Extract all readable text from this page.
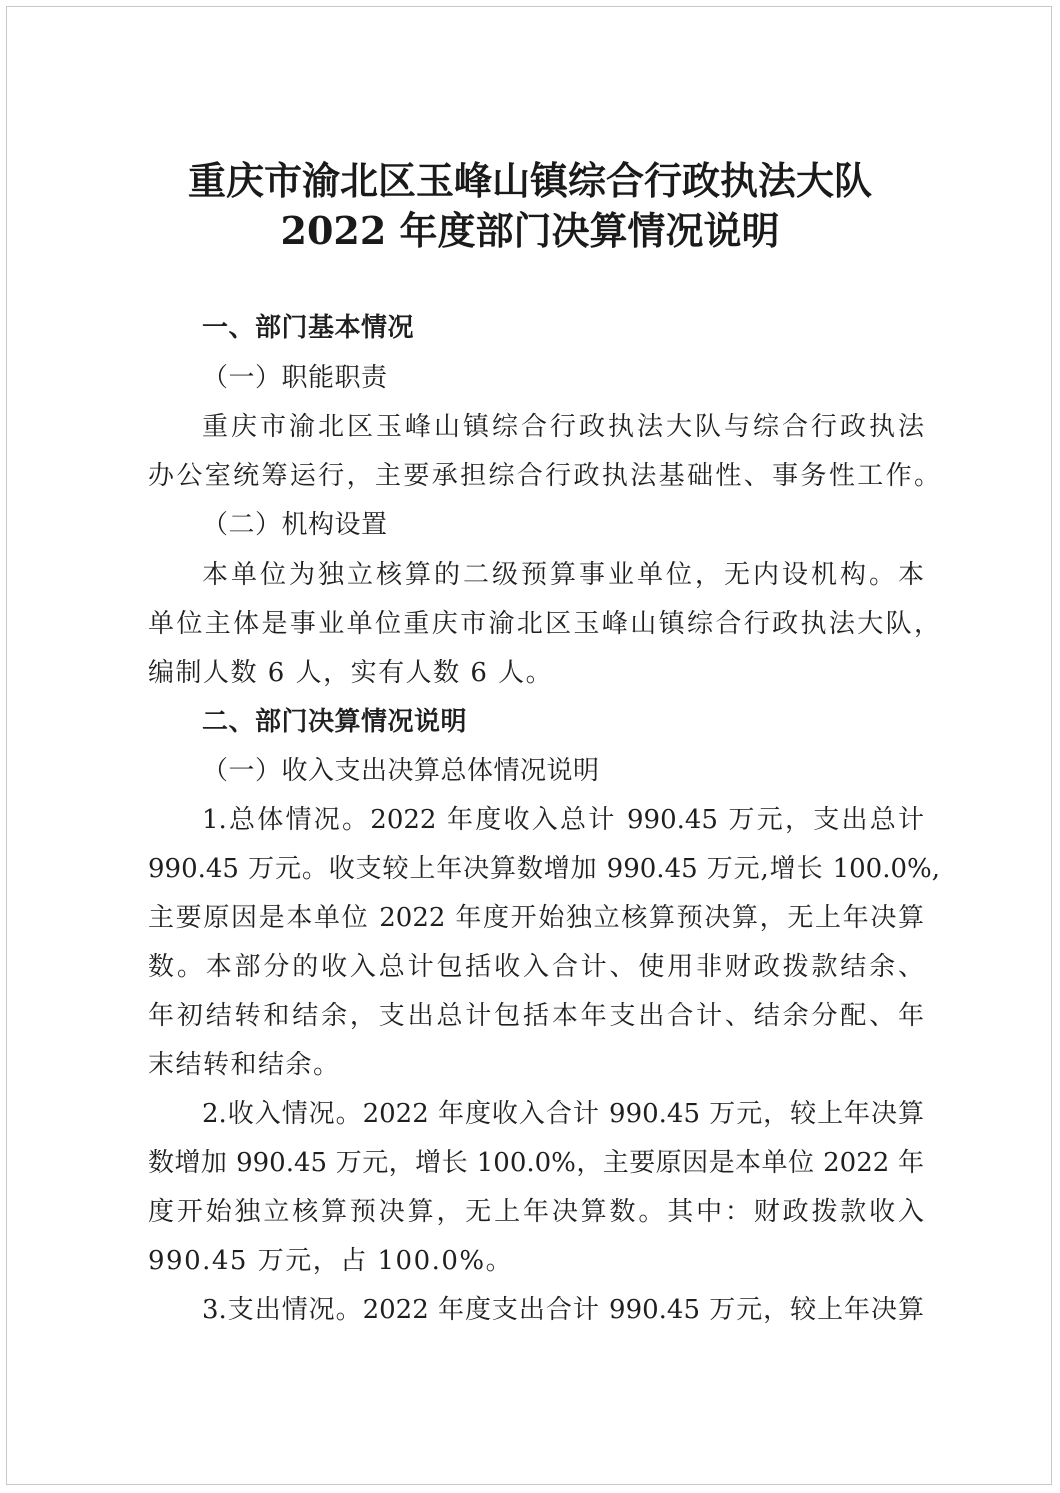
重庆市渝北区玉峰山镇综合行政执法大队
2022 年度部门决算情况说明
一、部门基本情况
（一）职能职责
重庆市渝北区玉峰山镇综合行政执法大队与综合行政执法
办公室统筹运行，主要承担综合行政执法基础性、事务性工作。
（二）机构设置
本单位为独立核算的二级预算事业单位，无内设机构。本
单位主体是事业单位重庆市渝北区玉峰山镇综合行政执法大队，
编制人数 6 人，实有人数 6 人。
二、部门决算情况说明
（一）收入支出决算总体情况说明
1.总体情况。2022 年度收入总计 990.45 万元，支出总计
990.45 万元。收支较上年决算数增加 990.45 万元,增长 100.0%,
主要原因是本单位 2022 年度开始独立核算预决算，无上年决算
数。本部分的收入总计包括收入合计、使用非财政拨款结余、
年初结转和结余，支出总计包括本年支出合计、结余分配、年
末结转和结余。
2.收入情况。2022 年度收入合计 990.45 万元，较上年决算
数增加 990.45 万元，增长 100.0%，主要原因是本单位 2022 年
度开始独立核算预决算，无上年决算数。其中：财政拨款收入
990.45 万元，占 100.0%。
3.支出情况。2022 年度支出合计 990.45 万元，较上年决算
